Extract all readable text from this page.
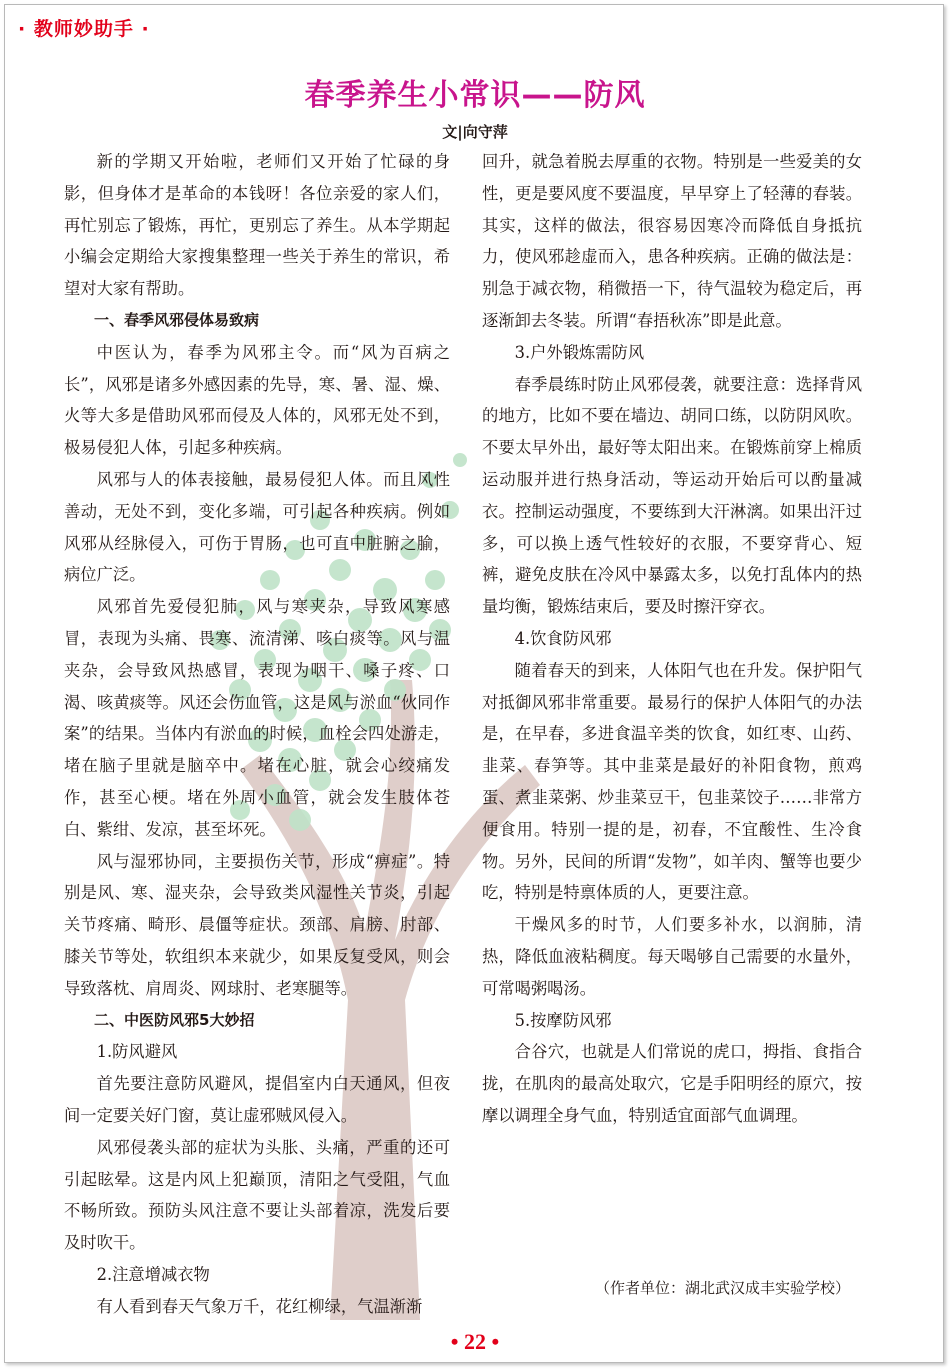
· 教师妙助手 ·
春季养生小常识——防风
文|向守萍

新的学期又开始啦，老师们又开始了忙碌的身影，但身体才是革命的本钱呀！各位亲爱的家人们，再忙别忘了锻炼，再忙，更别忘了养生。从本学期起小编会定期给大家搜集整理一些关于养生的常识，希望对大家有帮助。

一、春季风邪侵体易致病

中医认为，春季为风邪主令。而“风为百病之长”，风邪是诸多外感因素的先导，寒、暑、湿、燥、火等大多是借助风邪而侵及人体的，风邪无处不到，极易侵犯人体，引起多种疾病。

风邪与人的体表接触，最易侵犯人体。而且风性善动，无处不到，变化多端，可引起各种疾病。例如风邪从经脉侵入，可伤于胃肠，也可直中脏腑之腧，病位广泛。

风邪首先爱侵犯肺，风与寒夹杂，导致风寒感冒，表现为头痛、畏寒、流清涕、咳白痰等。风与温夹杂，会导致风热感冒，表现为咽干、嗓子疼、口渴、咳黄痰等。风还会伤血管，这是风与淤血“伙同作案”的结果。当体内有淤血的时候，血栓会四处游走，堵在脑子里就是脑卒中。堵在心脏，就会心绞痛发作，甚至心梗。堵在外周小血管，就会发生肢体苍白、紫绀、发凉，甚至坏死。

风与湿邪协同，主要损伤关节，形成“痹症”。特别是风、寒、湿夹杂，会导致类风湿性关节炎，引起关节疼痛、畸形、晨僵等症状。颈部、肩膀、肘部、膝关节等处，软组织本来就少，如果反复受风，则会导致落枕、肩周炎、网球肘、老寒腿等。

二、中医防风邪5大妙招

1.防风避风

首先要注意防风避风，提倡室内白天通风，但夜间一定要关好门窗，莫让虚邪贼风侵入。

风邪侵袭头部的症状为头胀、头痛，严重的还可引起眩晕。这是内风上犯巅顶，清阳之气受阻，气血不畅所致。预防头风注意不要让头部着凉，洗发后要及时吹干。

2.注意增减衣物

有人看到春天气象万千，花红柳绿，气温渐渐

回升，就急着脱去厚重的衣物。特别是一些爱美的女性，更是要风度不要温度，早早穿上了轻薄的春装。其实，这样的做法，很容易因寒冷而降低自身抵抗力，使风邪趁虚而入，患各种疾病。正确的做法是：别急于减衣物，稍微捂一下，待气温较为稳定后，再逐渐卸去冬装。所谓“春捂秋冻”即是此意。

3.户外锻炼需防风

春季晨练时防止风邪侵袭，就要注意：选择背风的地方，比如不要在墙边、胡同口练，以防阴风吹。不要太早外出，最好等太阳出来。在锻炼前穿上棉质运动服并进行热身活动，等运动开始后可以酌量减衣。控制运动强度，不要练到大汗淋漓。如果出汗过多，可以换上透气性较好的衣服，不要穿背心、短裤，避免皮肤在冷风中暴露太多，以免打乱体内的热量均衡，锻炼结束后，要及时擦汗穿衣。

4.饮食防风邪

随着春天的到来，人体阳气也在升发。保护阳气对抵御风邪非常重要。最易行的保护人体阳气的办法是，在早春，多进食温辛类的饮食，如红枣、山药、韭菜、春笋等。其中韭菜是最好的补阳食物，煎鸡蛋、煮韭菜粥、炒韭菜豆干，包韭菜饺子……非常方便食用。特别一提的是，初春，不宜酸性、生冷食物。另外，民间的所谓“发物”，如羊肉、蟹等也要少吃，特别是特禀体质的人，更要注意。

干燥风多的时节，人们要多补水，以润肺，清热，降低血液粘稠度。每天喝够自己需要的水量外，可常喝粥喝汤。

5.按摩防风邪

合谷穴，也就是人们常说的虎口，拇指、食指合拢，在肌肉的最高处取穴，它是手阳明经的原穴，按摩以调理全身气血，特别适宜面部气血调理。

（作者单位：湖北武汉成丰实验学校）
• 22 •
